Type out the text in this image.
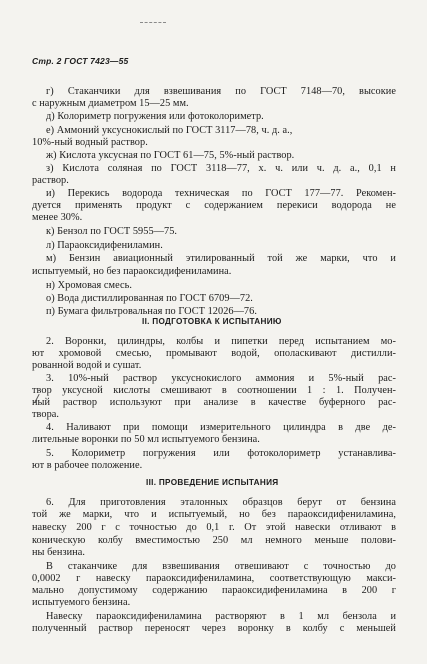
Стр. 2 ГОСТ 7423—55
г) Стаканчики для взвешивания по ГОСТ 7148—70, высокие
с наружным диаметром 15—25 мм.
д) Колориметр погружения или фотоколориметр.
е) Аммоний уксуснокислый по ГОСТ 3117—78, ч. д. а.,
10%-ный водный раствор.
ж) Кислота уксусная по ГОСТ 61—75, 5%-ный раствор.
з) Кислота соляная по ГОСТ 3118—77, х. ч. или ч. д. а., 0,1 н
раствор.
и) Перекись водорода техническая по ГОСТ 177—77. Рекомен-
дуется применять продукт с содержанием перекиси водорода не
менее 30%.
к) Бензол по ГОСТ 5955—75.
л) Параоксидифениламин.
м) Бензин авиационный этилированный той же марки, что и
испытуемый, но без параоксидифениламина.
н) Хромовая смесь.
о) Вода дистиллированная по ГОСТ 6709—72.
п) Бумага фильтровальная по ГОСТ 12026—76.
II. ПОДГОТОВКА К ИСПЫТАНИЮ
2. Воронки, цилиндры, колбы и пипетки перед испытанием мо-
ют хромовой смесью, промывают водой, ополаскивают дистилли-
рованной водой и сушат.
3. 10%-ный раствор уксуснокислого аммония и 5%-ный рас-
твор уксусной кислоты смешивают в соотношении 1 : 1. Получен-
ный раствор используют при анализе в качестве буферного рас-
твора.
4. Наливают при помощи измерительного цилиндра в две де-
лительные воронки по 50 мл испытуемого бензина.
5. Колориметр погружения или фотоколориметр устанавлива-
ют в рабочее положение.
III. ПРОВЕДЕНИЕ ИСПЫТАНИЯ
6. Для приготовления эталонных образцов берут от бензина
той же марки, что и испытуемый, но без параоксидифениламина,
навеску 200 г с точностью до 0,1 г. От этой навески отливают в
коническую колбу вместимостью 250 мл немного меньше полови-
ны бензина.
В стаканчике для взвешивания отвешивают с точностью до
0,0002 г навеску параоксидифениламина, соответствующую макси-
мально допустимому содержанию параоксидифениламина в 200 г
испытуемого бензина.
Навеску параоксидифениламина растворяют в 1 мл бензола и
полученный раствор переносят через воронку в колбу с меньшей
